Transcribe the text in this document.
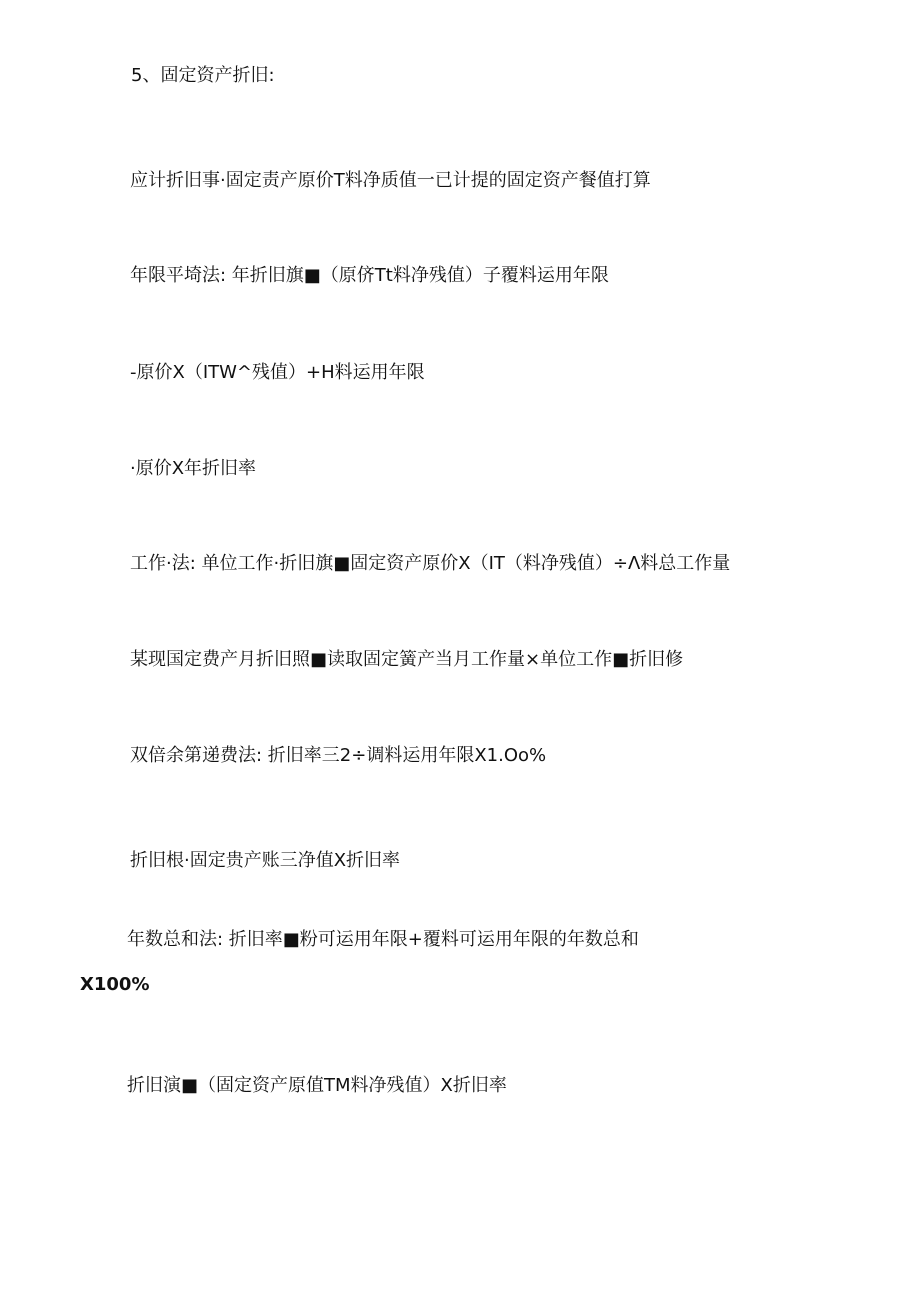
5、固定资产折旧:
应计折旧事·固定责产原价T料净质值一已计提的固定资产餐值打算
年限平埼法: 年折旧旗■（原侪Tt料净残值）子覆料运用年限
-原价X（ITW^残值）+H料运用年限
·原价X年折旧率
工作·法: 单位工作·折旧旗■固定资产原价X（IT（料净残值）÷Λ料总工作量
某现国定费产月折旧照■读取固定簧产当月工作量×单位工作■折旧修
双倍余第递费法: 折旧率三2÷调料运用年限X1.Oo%
折旧根·固定贵产账三净值X折旧率
年数总和法: 折旧率■粉可运用年限+覆料可运用年限的年数总和
X100%
折旧演■（固定资产原值TM料净残值）X折旧率
